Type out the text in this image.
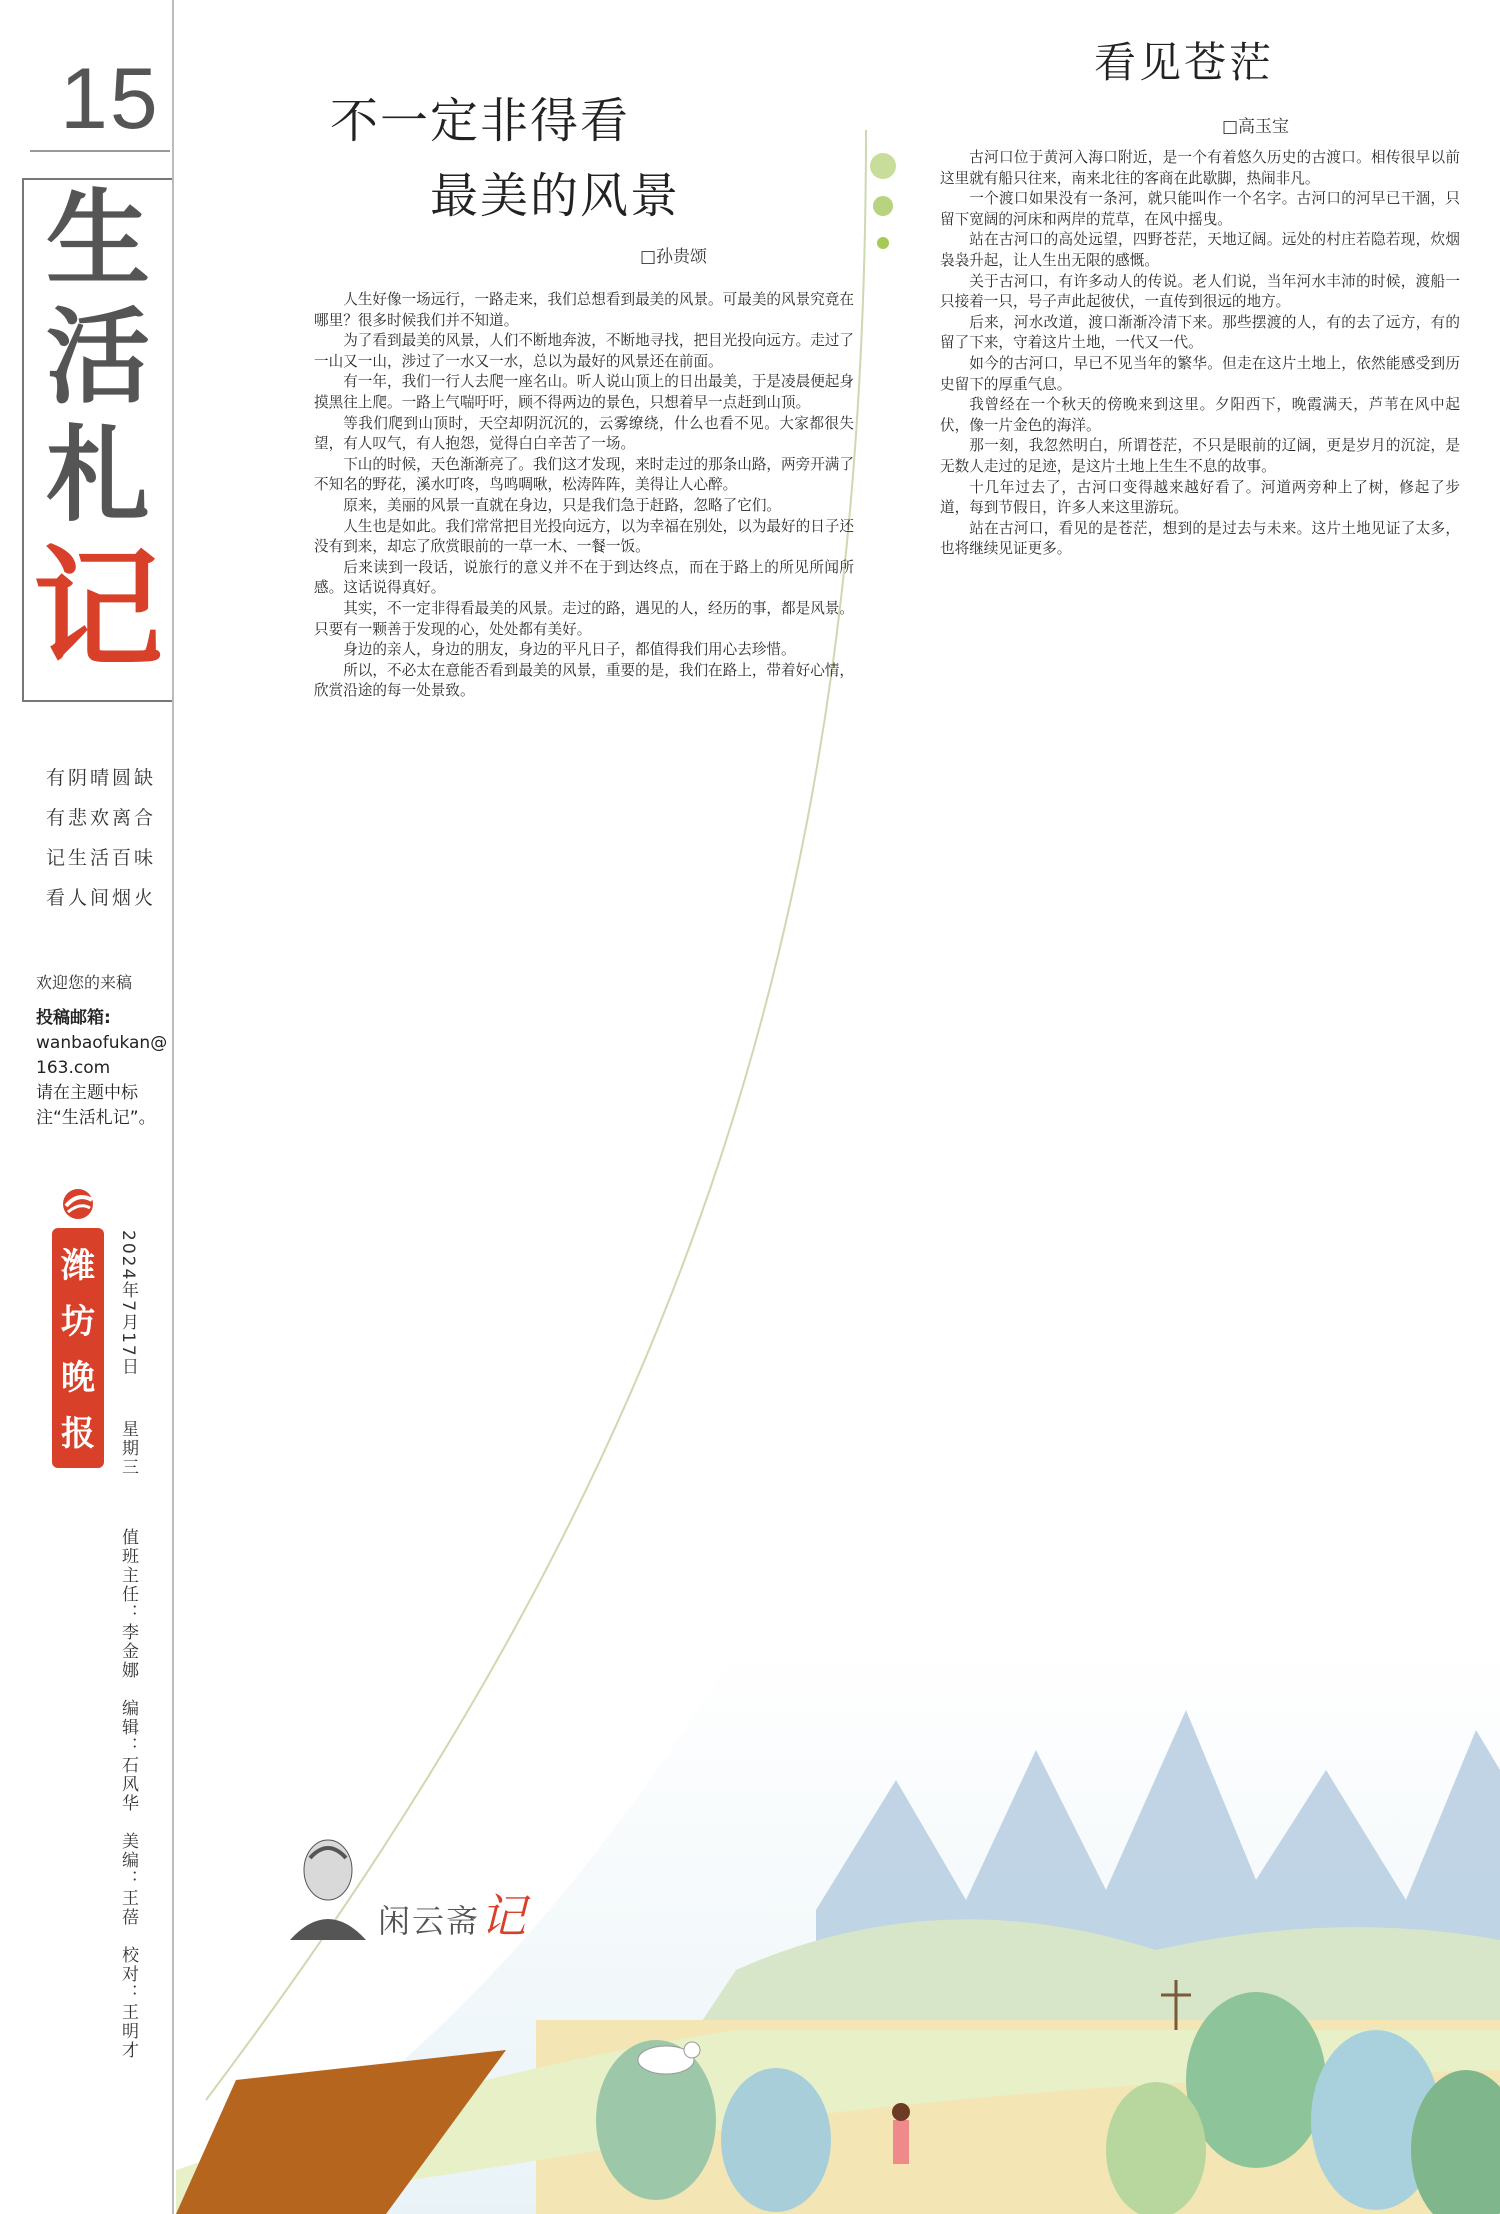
15
生
活
札
记
有阴晴圆缺
有悲欢离合
记生活百味
看人间烟火
欢迎您的来稿
投稿邮箱:
wanbaofukan@163.com
请在主题中标注“生活札记”。
潍
坊
晚
报
2024年7月17日
星期三
值班主任：李金娜　编辑：石风华　美编：王蓓　校对：王明才
不一定非得看
最美的风景
□孙贵颂

人生好像一场远行，一路走来，我们总想看到最美的风景。可最美的风景究竟在哪里？很多时候我们并不知道。

为了看到最美的风景，人们不断地奔波，不断地寻找，把目光投向远方。走过了一山又一山，涉过了一水又一水，总以为最好的风景还在前面。

有一年，我们一行人去爬一座名山。听人说山顶上的日出最美，于是凌晨便起身摸黑往上爬。一路上气喘吁吁，顾不得两边的景色，只想着早一点赶到山顶。

等我们爬到山顶时，天空却阴沉沉的，云雾缭绕，什么也看不见。大家都很失望，有人叹气，有人抱怨，觉得白白辛苦了一场。

下山的时候，天色渐渐亮了。我们这才发现，来时走过的那条山路，两旁开满了不知名的野花，溪水叮咚，鸟鸣啁啾，松涛阵阵，美得让人心醉。

原来，美丽的风景一直就在身边，只是我们急于赶路，忽略了它们。

人生也是如此。我们常常把目光投向远方，以为幸福在别处，以为最好的日子还没有到来，却忘了欣赏眼前的一草一木、一餐一饭。

后来读到一段话，说旅行的意义并不在于到达终点，而在于路上的所见所闻所感。这话说得真好。

其实，不一定非得看最美的风景。走过的路，遇见的人，经历的事，都是风景。只要有一颗善于发现的心，处处都有美好。

身边的亲人，身边的朋友，身边的平凡日子，都值得我们用心去珍惜。

所以，不必太在意能否看到最美的风景，重要的是，我们在路上，带着好心情，欣赏沿途的每一处景致。

看见苍茫
□高玉宝

古河口位于黄河入海口附近，是一个有着悠久历史的古渡口。相传很早以前这里就有船只往来，南来北往的客商在此歇脚，热闹非凡。

一个渡口如果没有一条河，就只能叫作一个名字。古河口的河早已干涸，只留下宽阔的河床和两岸的荒草，在风中摇曳。

站在古河口的高处远望，四野苍茫，天地辽阔。远处的村庄若隐若现，炊烟袅袅升起，让人生出无限的感慨。

关于古河口，有许多动人的传说。老人们说，当年河水丰沛的时候，渡船一只接着一只，号子声此起彼伏，一直传到很远的地方。

后来，河水改道，渡口渐渐冷清下来。那些摆渡的人，有的去了远方，有的留了下来，守着这片土地，一代又一代。

如今的古河口，早已不见当年的繁华。但走在这片土地上，依然能感受到历史留下的厚重气息。

我曾经在一个秋天的傍晚来到这里。夕阳西下，晚霞满天，芦苇在风中起伏，像一片金色的海洋。

那一刻，我忽然明白，所谓苍茫，不只是眼前的辽阔，更是岁月的沉淀，是无数人走过的足迹，是这片土地上生生不息的故事。

十几年过去了，古河口变得越来越好看了。河道两旁种上了树，修起了步道，每到节假日，许多人来这里游玩。

站在古河口，看见的是苍茫，想到的是过去与未来。这片土地见证了太多，也将继续见证更多。

闲云斋记
